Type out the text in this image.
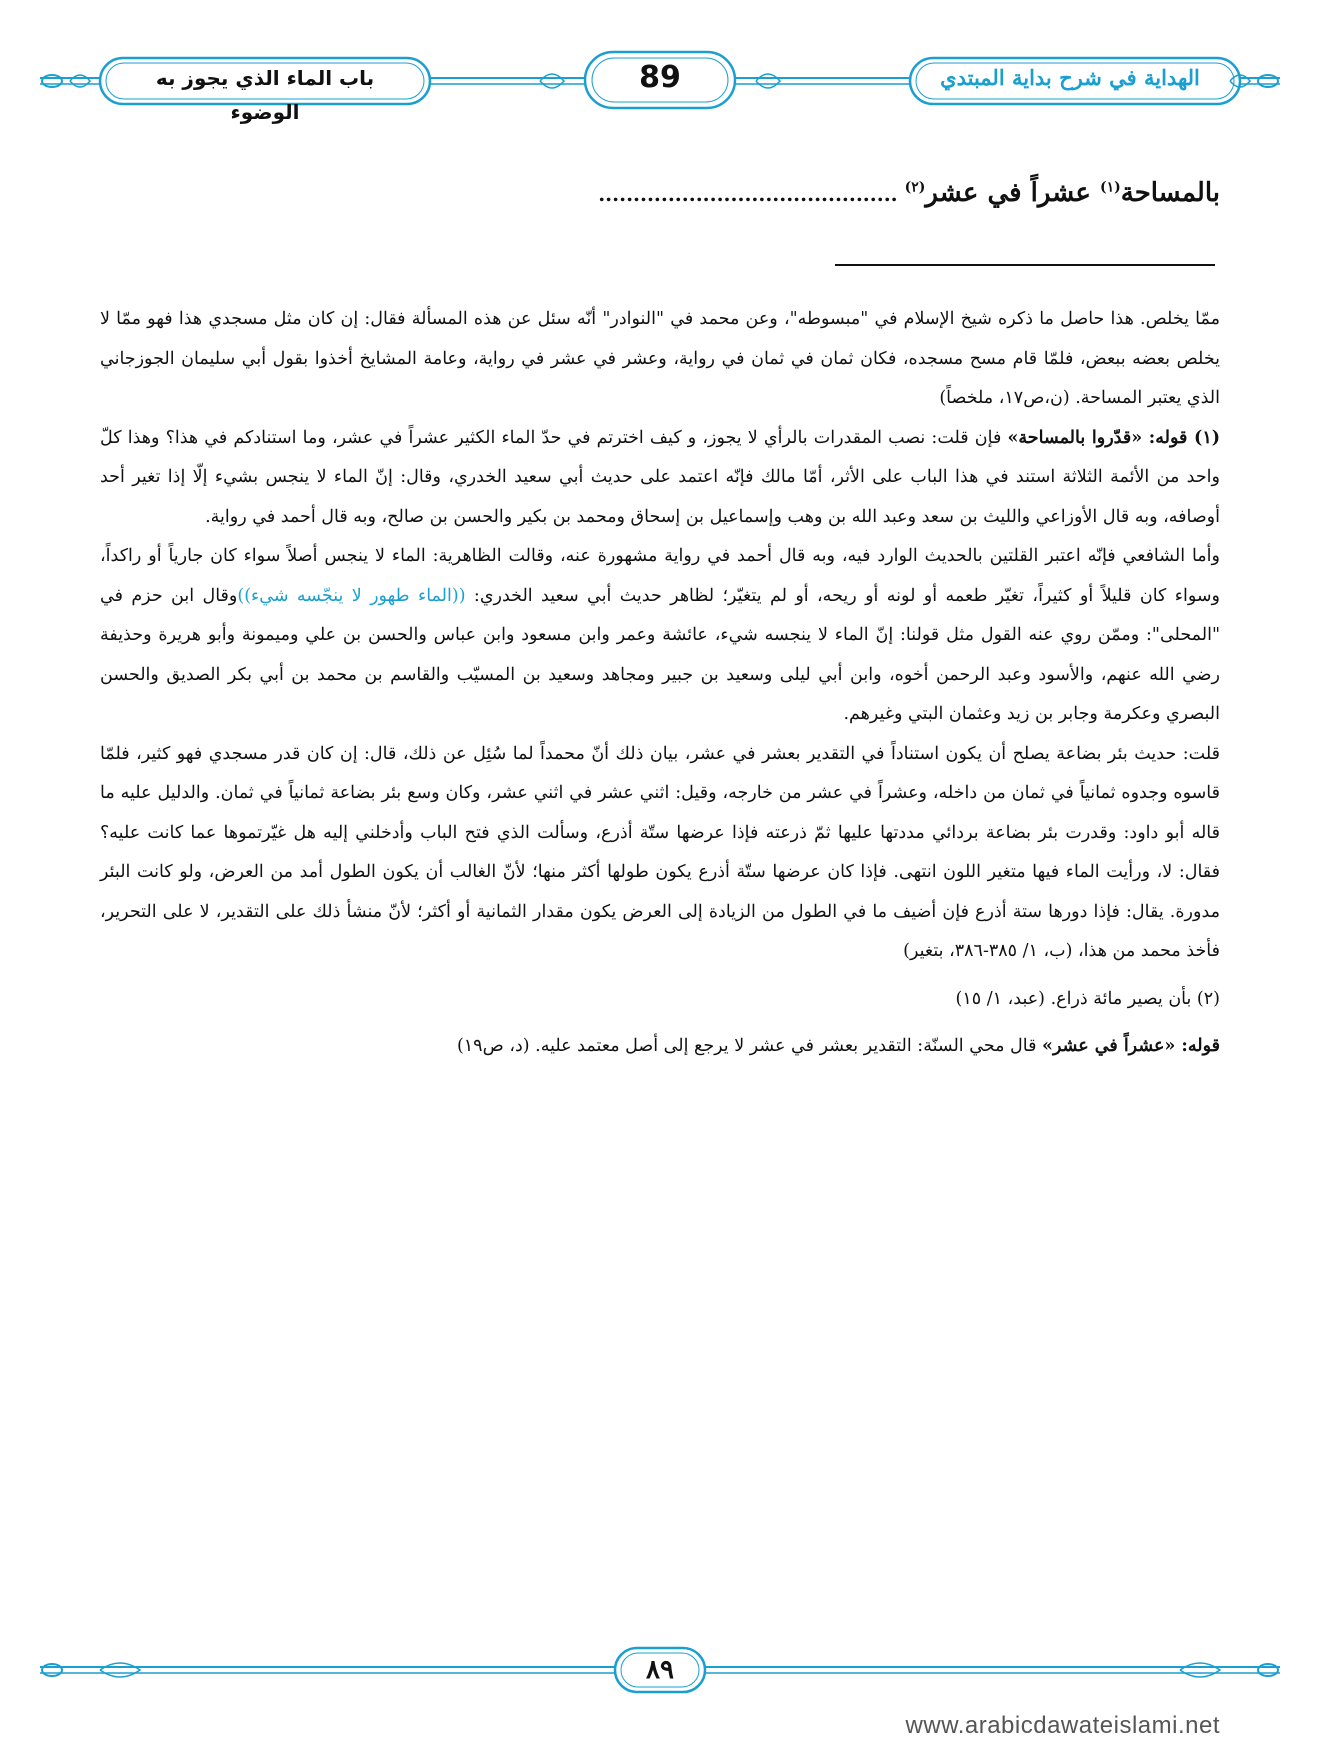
باب الماء الذي يجوز به الوضوء
89	الهداية في شرح بداية المبتدي
بالمساحة$^{(١)}$ عشراً في عشر$^{(٢)}$ ...........................................

ممّا يخلص. هذا حاصل ما ذكره شيخ الإسلام في "مبسوطه"، وعن محمد في "النوادر" أنّه سئل عن هذه المسألة فقال: إن كان مثل مسجدي هذا فهو ممّا لا يخلص بعضه ببعض، فلمّا قام مسح مسجده، فكان ثمان في ثمان في رواية، وعشر في عشر في رواية، وعامة المشايخ أخذوا بقول أبي سليمان الجوزجاني الذي يعتبر المساحة. (ن،ص١٧، ملخصاً)

(١) قوله: «قدّروا بالمساحة» فإن قلت: نصب المقدرات بالرأي لا يجوز، و كيف اخترتم في حدّ الماء الكثير عشراً في عشر، وما استنادكم في هذا؟ وهذا كلّ واحد من الأئمة الثلاثة استند في هذا الباب على الأثر، أمّا مالك فإنّه اعتمد على حديث أبي سعيد الخدري، وقال: إنّ الماء لا ينجس بشيء إلّا إذا تغير أحد أوصافه، وبه قال الأوزاعي والليث بن سعد وعبد الله بن وهب وإسماعيل بن إسحاق ومحمد بن بكير والحسن بن صالح، وبه قال أحمد في رواية.

وأما الشافعي فإنّه اعتبر القلتين بالحديث الوارد فيه، وبه قال أحمد في رواية مشهورة عنه، وقالت الظاهرية: الماء لا ينجس أصلاً سواء كان جارياً أو راكداً، وسواء كان قليلاً أو كثيراً، تغيّر طعمه أو لونه أو ريحه، أو لم يتغيّر؛ لظاهر حديث أبي سعيد الخدري: ((الماء طهور لا ينجّسه شيء))وقال ابن حزم في "المحلى": وممّن روي عنه القول مثل قولنا: إنّ الماء لا ينجسه شيء، عائشة وعمر وابن مسعود وابن عباس والحسن بن علي وميمونة وأبو هريرة وحذيفة رضي الله عنهم، والأسود وعبد الرحمن أخوه، وابن أبي ليلى وسعيد بن جبير ومجاهد وسعيد بن المسيّب والقاسم بن محمد بن أبي بكر الصديق والحسن البصري وعكرمة وجابر بن زيد وعثمان البتي وغيرهم.

قلت: حديث بئر بضاعة يصلح أن يكون استناداً في التقدير بعشر في عشر، بيان ذلك أنّ محمداً لما سُئِل عن ذلك، قال: إن كان قدر مسجدي فهو كثير، فلمّا قاسوه وجدوه ثمانياً في ثمان من داخله، وعشراً في عشر من خارجه، وقيل: اثني عشر في اثني عشر، وكان وسع بئر بضاعة ثمانياً في ثمان. والدليل عليه ما قاله أبو داود: وقدرت بئر بضاعة بردائي مددتها عليها ثمّ ذرعته فإذا عرضها ستّة أذرع، وسألت الذي فتح الباب وأدخلني إليه هل غيّرتموها عما كانت عليه؟ فقال: لا، ورأيت الماء فيها متغير اللون انتهى. فإذا كان عرضها ستّة أذرع يكون طولها أكثر منها؛ لأنّ الغالب أن يكون الطول أمد من العرض، ولو كانت البئر مدورة. يقال: فإذا دورها ستة أذرع فإن أضيف ما في الطول من الزيادة إلى العرض يكون مقدار الثمانية أو أكثر؛ لأنّ منشأ ذلك على التقدير، لا على التحرير، فأخذ محمد من هذا، (ب، ١/ ٣٨٥-٣٨٦، بتغير)

(٢) بأن يصير مائة ذراع. (عبد، ١/ ١٥)

قوله: «عشراً في عشر» قال محي السنّة: التقدير بعشر في عشر لا يرجع إلى أصل معتمد عليه. (د، ص١٩)

٨٩
www.arabicdawateislami.net
